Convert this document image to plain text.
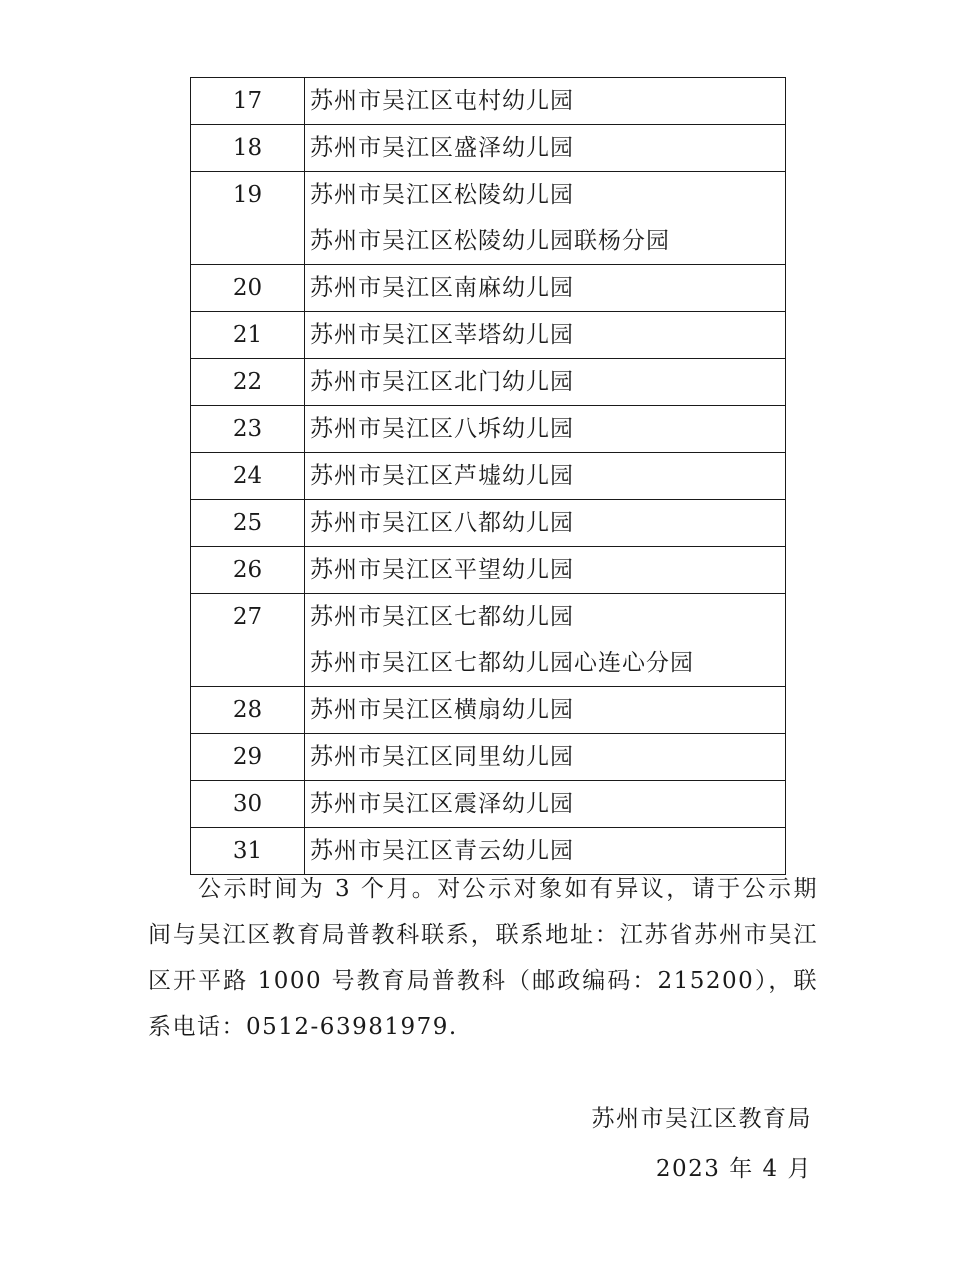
17	苏州市吴江区屯村幼儿园

18	苏州市吴江区盛泽幼儿园

19	苏州市吴江区松陵幼儿园
苏州市吴江区松陵幼儿园联杨分园

20	苏州市吴江区南麻幼儿园

21	苏州市吴江区莘塔幼儿园

22	苏州市吴江区北门幼儿园

23	苏州市吴江区八坼幼儿园

24	苏州市吴江区芦墟幼儿园

25	苏州市吴江区八都幼儿园

26	苏州市吴江区平望幼儿园

27	苏州市吴江区七都幼儿园
苏州市吴江区七都幼儿园心连心分园

28	苏州市吴江区横扇幼儿园

29	苏州市吴江区同里幼儿园

30	苏州市吴江区震泽幼儿园

31	苏州市吴江区青云幼儿园

公示时间为 3 个月。对公示对象如有异议，请于公示期间与吴江区教育局普教科联系，联系地址：江苏省苏州市吴江区开平路 1000 号教育局普教科（邮政编码：215200），联系电话：0512-63981979.

苏州市吴江区教育局
2023 年 4 月
